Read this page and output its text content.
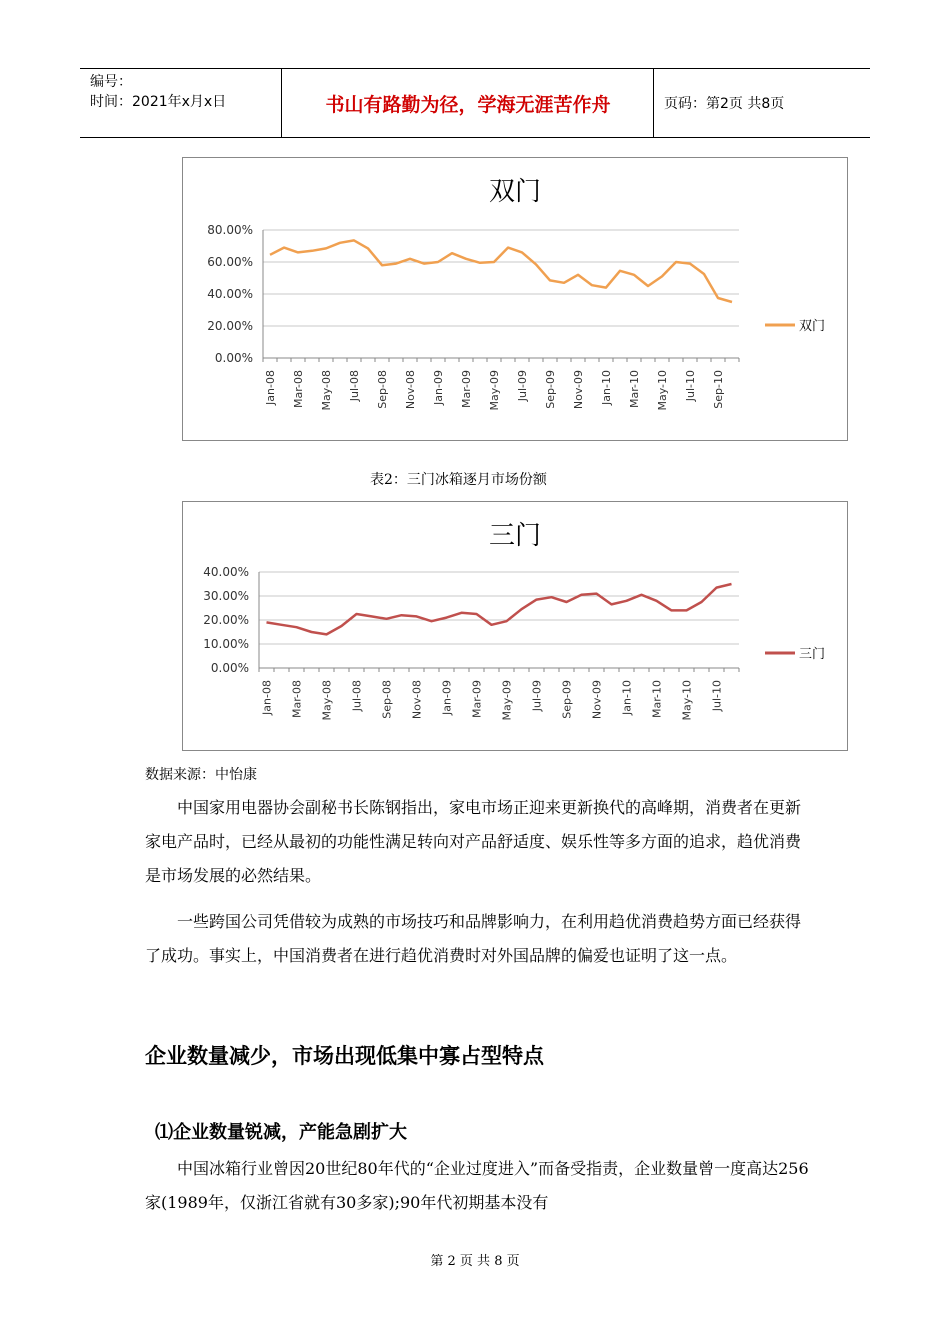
编号：
时间：2021年x月x日	书山有路勤为径，学海无涯苦作舟	页码：第2页 共8页
双门
0.00%
20.00%
40.00%
60.00%
80.00%
Jan-08 Mar-08 May-08 Jul-08 Sep-08 Nov-08 Jan-09 Mar-09 May-09 Jul-09 Sep-09 Nov-09 Jan-10 Mar-10 May-10 Jul-10 Sep-10
双门
表2：三门冰箱逐月市场份额
三门
0.00%
10.00%
20.00%
30.00%
40.00%
Jan-08 Mar-08 May-08 Jul-08 Sep-08 Nov-08 Jan-09 Mar-09 May-09 Jul-09 Sep-09 Nov-09 Jan-10 Mar-10 May-10 Jul-10
三门
数据来源：中怡康

中国家用电器协会副秘书长陈钢指出，家电市场正迎来更新换代的高峰期，消费者在更新家电产品时，已经从最初的功能性满足转向对产品舒适度、娱乐性等多方面的追求，趋优消费是市场发展的必然结果。

一些跨国公司凭借较为成熟的市场技巧和品牌影响力，在利用趋优消费趋势方面已经获得了成功。事实上，中国消费者在进行趋优消费时对外国品牌的偏爱也证明了这一点。

企业数量减少，市场出现低集中寡占型特点
⑴企业数量锐减，产能急剧扩大

中国冰箱行业曾因20世纪80年代的“企业过度进入”而备受指责，企业数量曾一度高达256家(1989年，仅浙江省就有30多家);90年代初期基本没有

第 2 页 共 8 页
